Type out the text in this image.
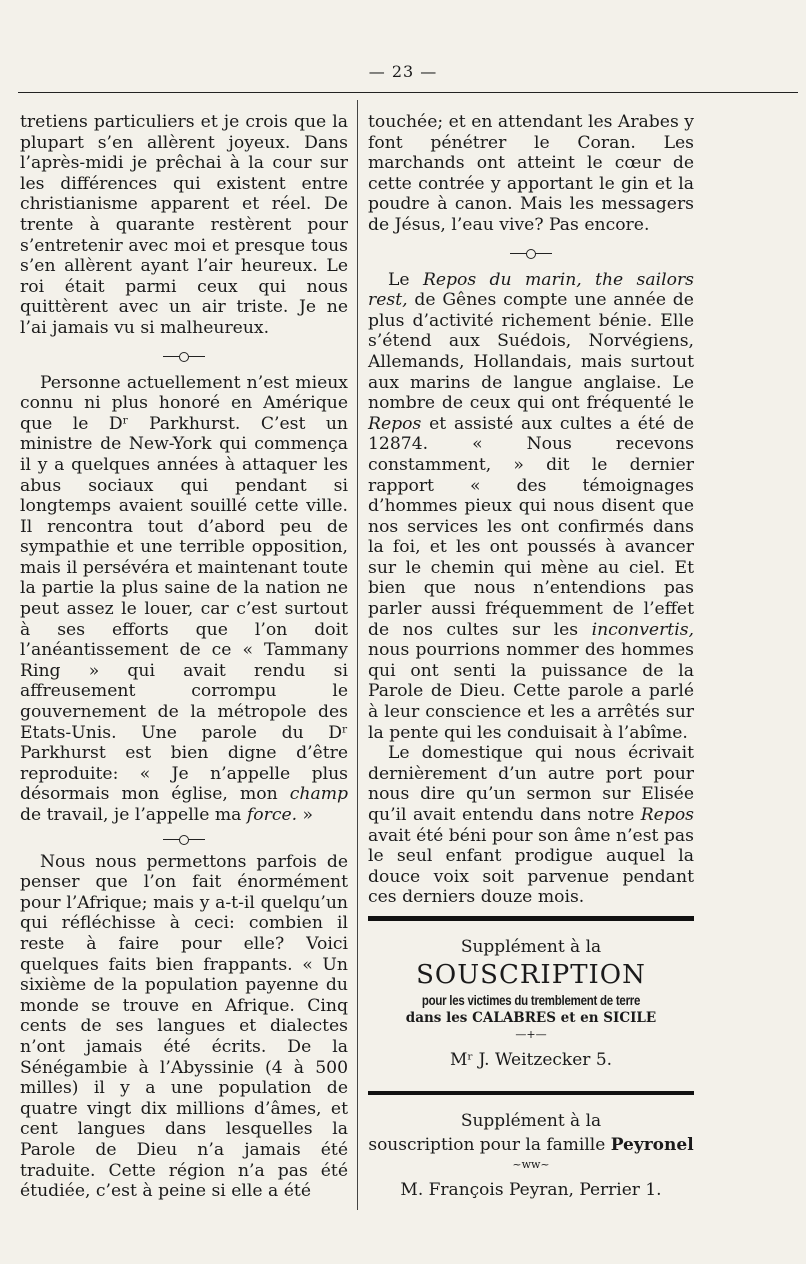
— 23 —

tretiens particuliers et je crois que la plupart s’en allèrent joyeux. Dans l’après-midi je prêchai à la cour sur les différences qui existent entre christianisme apparent et réel. De trente à quarante restèrent pour s’entretenir avec moi et presque tous s’en allèrent ayant l’air heureux. Le roi était parmi ceux qui nous quittèrent avec un air triste. Je ne l’ai jamais vu si malheureux.

Personne actuellement n’est mieux connu ni plus honoré en Amérique que le Dʳ Parkhurst. C’est un ministre de New-York qui commença il y a quelques années à attaquer les abus sociaux qui pendant si longtemps avaient souillé cette ville. Il rencontra tout d’abord peu de sympathie et une terrible opposition, mais il persévéra et maintenant toute la partie la plus saine de la nation ne peut assez le louer, car c’est surtout à ses efforts que l’on doit l’anéantissement de ce « Tammany Ring » qui avait rendu si affreusement corrompu le gouvernement de la métropole des Etats-Unis. Une parole du Dʳ Parkhurst est bien digne d’être reproduite: « Je n’appelle plus désormais mon église, mon champ de travail, je l’appelle ma force. »

Nous nous permettons parfois de penser que l’on fait énormément pour l’Afrique; mais y a-t-il quelqu’un qui réfléchisse à ceci: combien il reste à faire pour elle? Voici quelques faits bien frappants. « Un sixième de la population payenne du monde se trouve en Afrique. Cinq cents de ses langues et dialectes n’ont jamais été écrits. De la Sénégambie à l’Abyssinie (4 à 500 milles) il y a une population de quatre vingt dix millions d’âmes, et cent langues dans lesquelles la Parole de Dieu n’a jamais été traduite. Cette région n’a pas été étudiée, c’est à peine si elle a été

touchée; et en attendant les Arabes y font pénétrer le Coran. Les marchands ont atteint le cœur de cette contrée y apportant le gin et la poudre à canon. Mais les messagers de Jésus, l’eau vive? Pas encore.

Le Repos du marin, the sailors rest, de Gênes compte une année de plus d’activité richement bénie. Elle s’étend aux Suédois, Norvégiens, Allemands, Hollandais, mais surtout aux marins de langue anglaise. Le nombre de ceux qui ont fréquenté le Repos et assisté aux cultes a été de 12874. « Nous recevons constamment, » dit le dernier rapport « des témoignages d’hommes pieux qui nous disent que nos services les ont confirmés dans la foi, et les ont poussés à avancer sur le chemin qui mène au ciel. Et bien que nous n’entendions pas parler aussi fréquemment de l’effet de nos cultes sur les inconvertis, nous pourrions nommer des hommes qui ont senti la puissance de la Parole de Dieu. Cette parole a parlé à leur conscience et les a arrêtés sur la pente qui les conduisait à l’abîme.

Le domestique qui nous écrivait dernièrement d’un autre port pour nous dire qu’un sermon sur Elisée qu’il avait entendu dans notre Repos avait été béni pour son âme n’est pas le seul enfant prodigue auquel la douce voix soit parvenue pendant ces derniers douze mois.

Supplément à la
SOUSCRIPTION
pour les victimes du tremblement de terre
dans les CALABRES et en SICILE
—+—
Mʳ J. Weitzecker 5.
Supplément à la
souscription pour la famille Peyronel
~ww~
M. François Peyran, Perrier 1.
